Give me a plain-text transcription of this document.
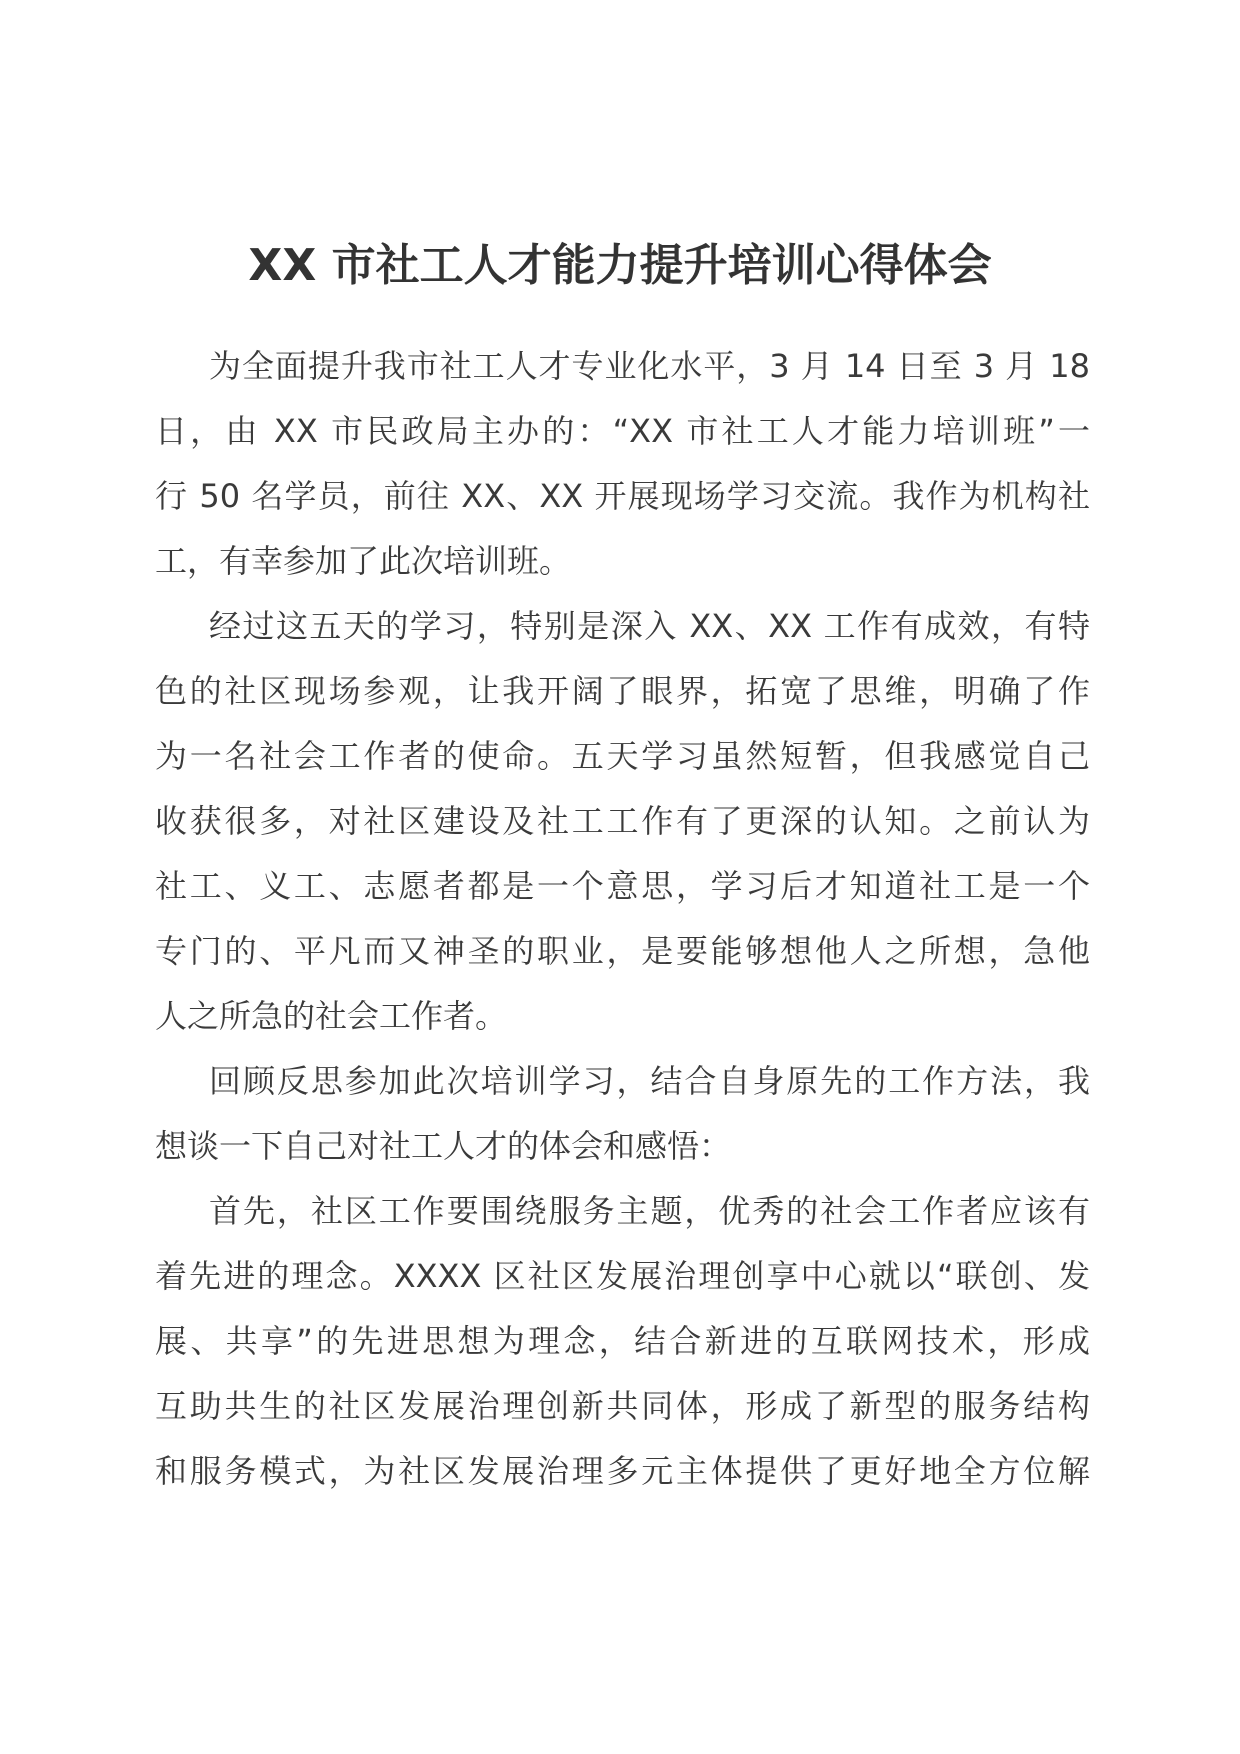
XX 市社工人才能力提升培训心得体会
为全面提升我市社工人才专业化水平，3 月 14 日至 3 月 18
日，由 XX 市民政局主办的：“XX 市社工人才能力培训班”一
行 50 名学员，前往 XX、XX 开展现场学习交流。我作为机构社
工，有幸参加了此次培训班。
经过这五天的学习，特别是深入 XX、XX 工作有成效，有特
色的社区现场参观，让我开阔了眼界，拓宽了思维，明确了作
为一名社会工作者的使命。五天学习虽然短暂，但我感觉自己
收获很多，对社区建设及社工工作有了更深的认知。之前认为
社工、义工、志愿者都是一个意思，学习后才知道社工是一个
专门的、平凡而又神圣的职业，是要能够想他人之所想，急他
人之所急的社会工作者。
回顾反思参加此次培训学习，结合自身原先的工作方法，我
想谈一下自己对社工人才的体会和感悟：
首先，社区工作要围绕服务主题，优秀的社会工作者应该有
着先进的理念。XXXX 区社区发展治理创享中心就以“联创、发
展、共享”的先进思想为理念，结合新进的互联网技术，形成
互助共生的社区发展治理创新共同体，形成了新型的服务结构
和服务模式，为社区发展治理多元主体提供了更好地全方位解
